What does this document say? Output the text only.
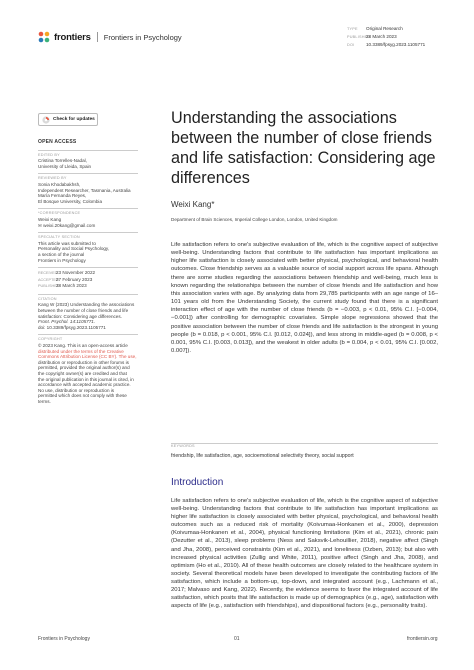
frontiers Frontiers in Psychology
TYPE Original Research
PUBLISHED28 March 2023
DOI	10.3389/fpsyg.2023.1105771
Check for updates
OPEN ACCESS
EDITED BY
Cristina Torrelles-Nadal,
University of Lleida, Spain
REVIEWED BY
Sonia Khodabakhsh,
Independent Researcher, Tasmania, Australia
María Fernanda Reyes,
El Bosque University, Colombia
*CORRESPONDENCE
Weixi Kang
✉ weixi.20kang@gmail.com
SPECIALTY SECTION
This article was submitted to
Personality and Social Psychology,
a section of the journal
Frontiers in Psychology
RECEIVED23 November 2022
ACCEPTED27 February 2023
PUBLISHED28 March 2023
CITATION
Kang W (2023) Understanding the associations
between the number of close friends and life
satisfaction: Considering age differences.
Front. Psychol. 14:1105771.
doi: 10.3389/fpsyg.2023.1105771
COPYRIGHT
© 2023 Kang. This is an open-access article
distributed under the terms of the Creative
Commons Attribution License (CC BY). The use,
distribution or reproduction in other forums is
permitted, provided the original author(s) and
the copyright owner(s) are credited and that
the original publication in this journal is cited, in
accordance with accepted academic practice.
No use, distribution or reproduction is
permitted which does not comply with these
terms.
Understanding the associations between the number of close friends and life satisfaction: Considering age differences
Weixi Kang*
Department of Brain Sciences, Imperial College London, London, United Kingdom
Life satisfaction refers to one's subjective evaluation of life, which is the cognitive aspect of subjective well-being. Understanding factors that contribute to life satisfaction has important implications as higher life satisfaction is closely associated with better physical, psychological, and behavioral health outcomes. Close friendship serves as a valuable source of social support across life spans. Although there are some studies regarding the associations between friendship and well-being, much less is known regarding the relationships between the number of close friends and life satisfaction and how this association varies with age. By analyzing data from 29,785 participants with an age range of 16–101 years old from the Understanding Society, the current study found that there is a significant interaction effect of age with the number of close friends (b = −0.003, p < 0.01, 95% C.I. [−0.004, −0.001]) after controlling for demographic covariates. Simple slope regressions showed that the positive association between the number of close friends and life satisfaction is the strongest in young people (b = 0.018, p < 0.001, 95% C.I. [0.012, 0.024]), and less strong in middle-aged (b = 0.008, p < 0.001, 95% C.I. [0.003, 0.013]), and the weakest in older adults (b = 0.004, p < 0.01, 95% C.I. [0.002, 0.007]).
KEYWORDS
friendship, life satisfaction, age, socioemotional selectivity theory, social support
Introduction
Life satisfaction refers to one's subjective evaluation of life, which is the cognitive aspect of subjective well-being. Understanding factors that contribute to life satisfaction has important implications as higher life satisfaction is closely associated with better physical, psychological, and behavioral health outcomes such as a reduced risk of mortality (Koivumaa-Honkanen et al., 2000), depression (Koivumaa-Honkanen et al., 2004), physical functioning limitations (Kim et al., 2021), chronic pain (Dezutter et al., 2013), sleep problems (Ness and Saksvik-Lehouillier, 2018), negative affect (Singh and Jha, 2008), perceived constraints (Kim et al., 2021), and loneliness (Ozben, 2013); but also with increased physical activities (Zullig and White, 2011), positive affect (Singh and Jha, 2008), and optimism (Ho et al., 2010). All of these health outcomes are closely related to the healthcare system in society. Several theoretical models have been developed to investigate the contributing factors of life satisfaction, which include a bottom-up, top-down, and integrated account (e.g., Lachmann et al., 2017; Malvaso and Kang, 2022). Recently, the evidence seems to favor the integrated account of life satisfaction, which posits that life satisfaction is made up of demographics (e.g., age), satisfaction with aspects of life (e.g., satisfaction with friendships), and dispositional factors (e.g., personality traits).
Frontiers in Psychology	01	frontiersin.org
